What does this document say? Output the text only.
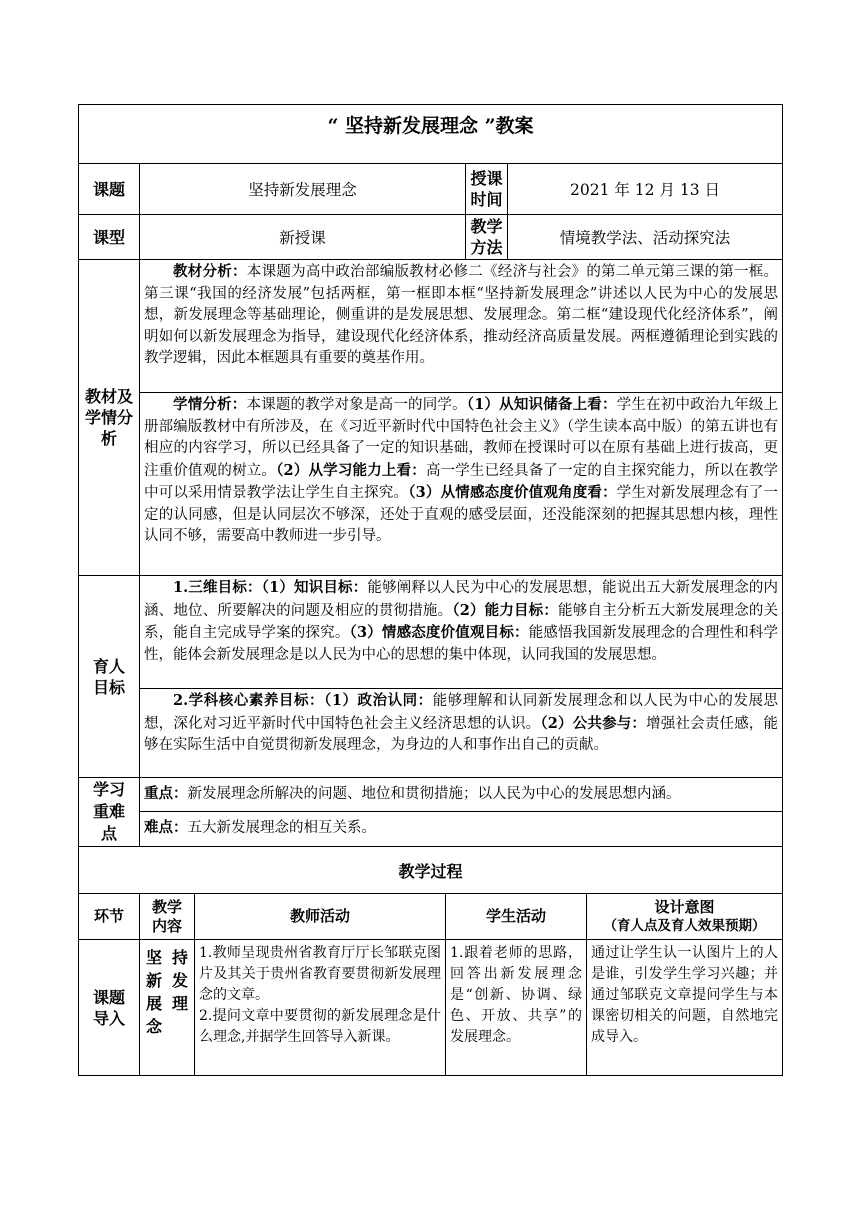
“ 坚持新发展理念 ”教案						
课题	坚持新发展理念			授课时间	2021 年 12 月 13 日	
课型	新授课			教学方法	情境教学法、活动探究法	
教材及学情分析	教材分析：本课题为高中政治部编版教材必修二《经济与社会》的第二单元第三课的第一框。第三课“我国的经济发展”包括两框，第一框即本框“坚持新发展理念”讲述以人民为中心的发展思想，新发展理念等基础理论，侧重讲的是发展思想、发展理念。第二框“建设现代化经济体系”，阐明如何以新发展理念为指导，建设现代化经济体系，推动经济高质量发展。两框遵循理论到实践的教学逻辑，因此本框题具有重要的奠基作用。					

	学情分析：本课题的教学对象是高一的同学。（1）从知识储备上看：学生在初中政治九年级上册部编版教材中有所涉及，在《习近平新时代中国特色社会主义》（学生读本高中版）的第五讲也有相应的内容学习，所以已经具备了一定的知识基础，教师在授课时可以在原有基础上进行拔高，更注重价值观的树立。（2）从学习能力上看：高一学生已经具备了一定的自主探究能力，所以在教学中可以采用情景教学法让学生自主探究。（3）从情感态度价值观角度看：学生对新发展理念有了一定的认同感，但是认同层次不够深，还处于直观的感受层面，还没能深刻的把握其思想内核，理性认同不够，需要高中教师进一步引导。					

育人目标	1.三维目标：（1）知识目标：能够阐释以人民为中心的发展思想，能说出五大新发展理念的内涵、地位、所要解决的问题及相应的贯彻措施。（2）能力目标：能够自主分析五大新发展理念的关系，能自主完成导学案的探究。（3）情感态度价值观目标：能感悟我国新发展理念的合理性和科学性，能体会新发展理念是以人民为中心的思想的集中体现，认同我国的发展思想。					

	2.学科核心素养目标：（1）政治认同：能够理解和认同新发展理念和以人民为中心的发展思想，深化对习近平新时代中国特色社会主义经济思想的认识。（2）公共参与：增强社会责任感，能够在实际生活中自觉贯彻新发展理念，为身边的人和事作出自己的贡献。					

学习重难点	重点：新发展理念所解决的问题、地位和贯彻措施；以人民为中心的发展思想内涵。					
	难点：五大新发展理念的相互关系。					
教学过程						
环节	教学内容	教师活动	学生活动			设计意图
（育人点及育人效果预期）

课题导入	坚持新发展理念	1.教师呈现贵州省教育厅厅长邹联克图片及其关于贵州省教育要贯彻新发展理念的文章。

2.提问文章中要贯彻的新发展理念是什么理念,并据学生回答导入新课。	1.跟着老师的思路，回答出新发展理念是“创新、协调、绿色、开放、共享”的发展理念。			通过让学生认一认图片上的人是谁，引发学生学习兴趣；并通过邹联克文章提问学生与本课密切相关的问题，自然地完成导入。
